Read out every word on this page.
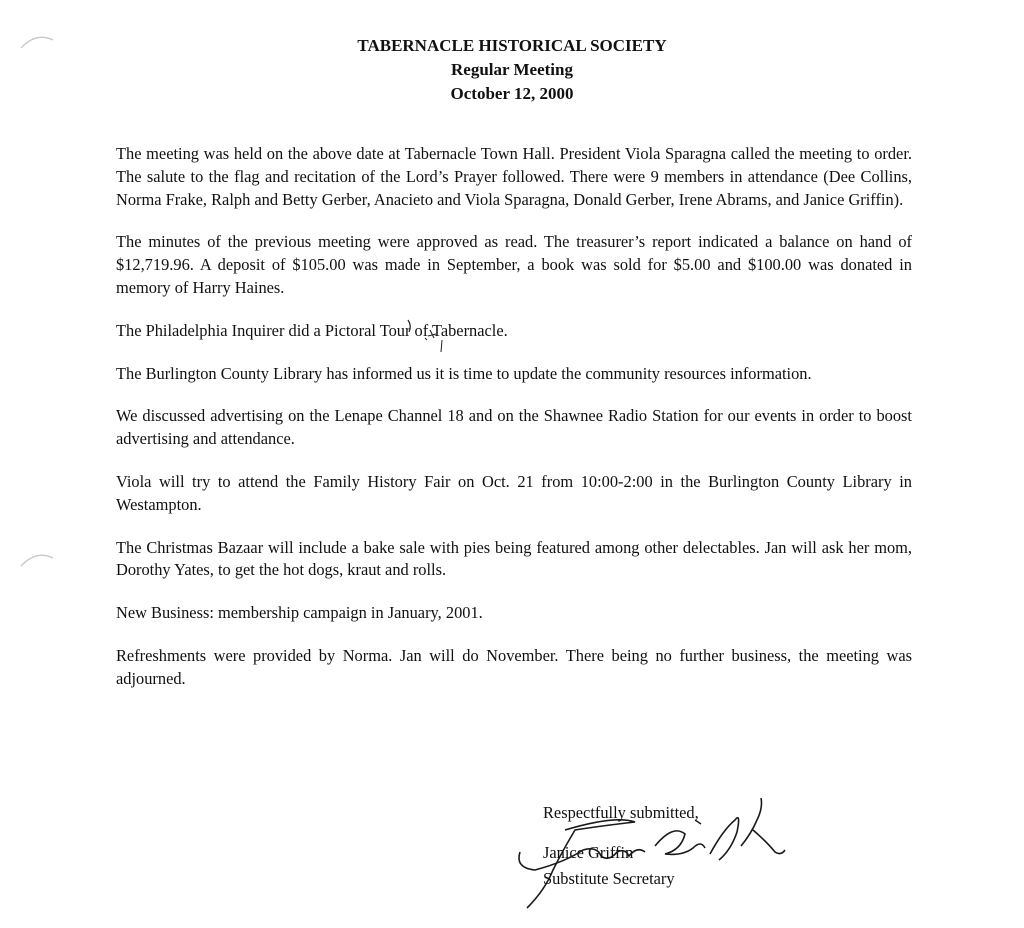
TABERNACLE HISTORICAL SOCIETY
Regular Meeting
October 12, 2000

The meeting was held on the above date at Tabernacle Town Hall. President Viola Sparagna called the meeting to order. The salute to the flag and recitation of the Lord’s Prayer followed. There were 9 members in attendance (Dee Collins, Norma Frake, Ralph and Betty Gerber, Anacieto and Viola Sparagna, Donald Gerber, Irene Abrams, and Janice Griffin).

The minutes of the previous meeting were approved as read. The treasurer’s report indicated a balance on hand of $12,719.96. A deposit of $105.00 was made in September, a book was sold for $5.00 and $100.00 was donated in memory of Harry Haines.

The Philadelphia Inquirer did a Pictoral Tour of Tabernacle.

The Burlington County Library has informed us it is time to update the community resources information.

We discussed advertising on the Lenape Channel 18 and on the Shawnee Radio Station for our events in order to boost advertising and attendance.

Viola will try to attend the Family History Fair on Oct. 21 from 10:00-2:00 in the Burlington County Library in Westampton.

The Christmas Bazaar will include a bake sale with pies being featured among other delectables. Jan will ask her mom, Dorothy Yates, to get the hot dogs, kraut and rolls.

New Business: membership campaign in January, 2001.

Refreshments were provided by Norma. Jan will do November. There being no further business, the meeting was adjourned.

Respectfully submitted,
Janice Griffin
Substitute Secretary
